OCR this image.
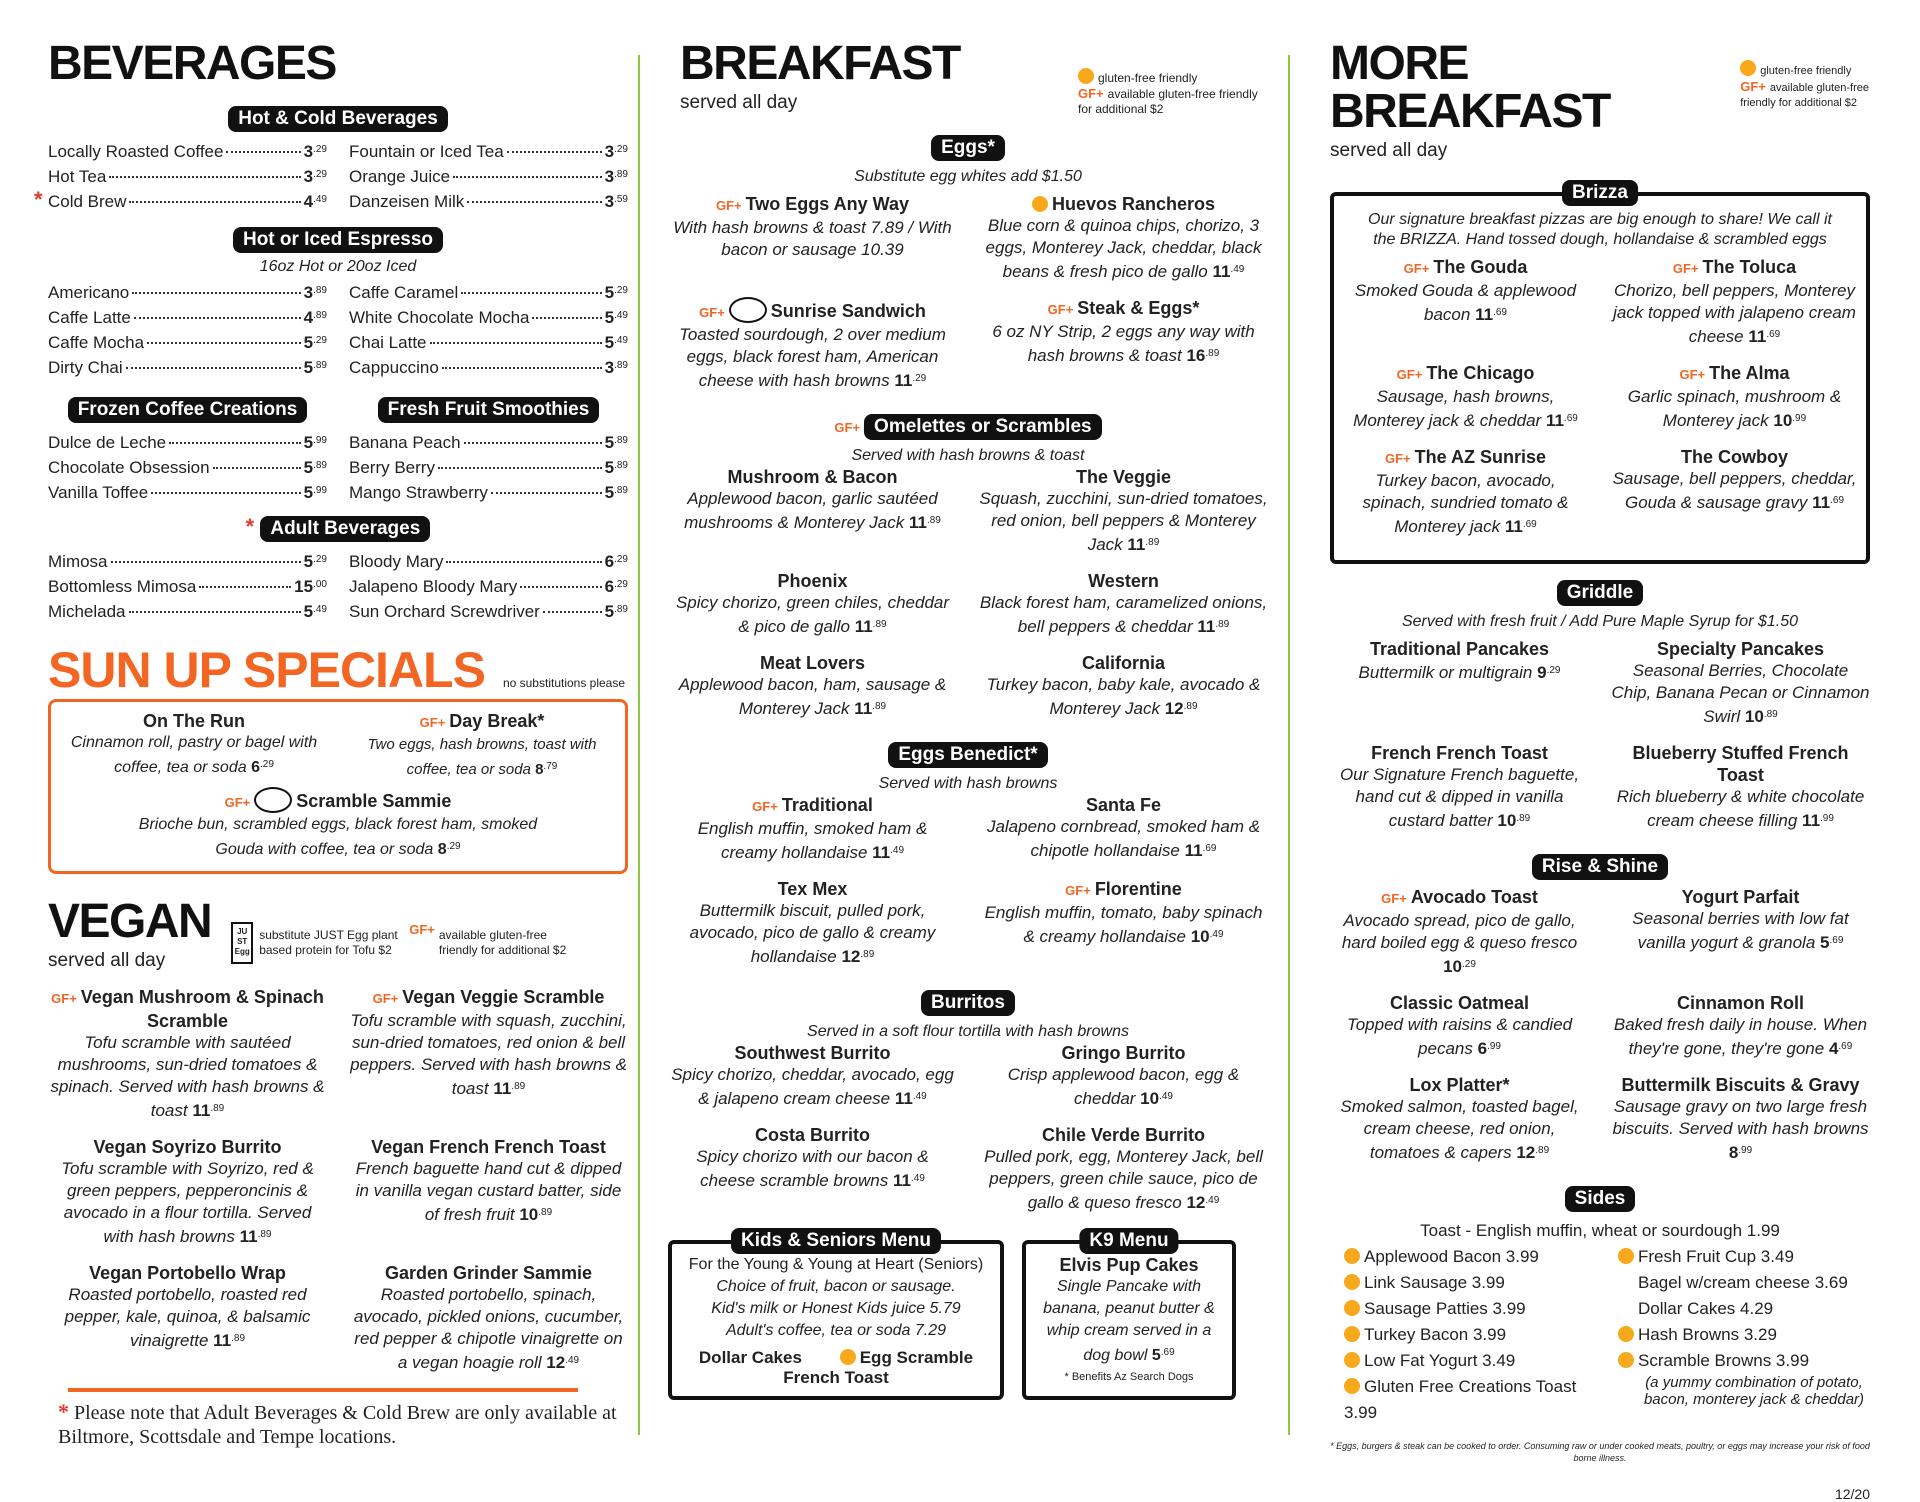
BEVERAGES
Hot & Cold Beverages
Locally Roasted Coffee	$3^{.29}$
Hot Tea	$3^{.29}$
* Cold Brew	$4^{.49}$
Fountain or Iced Tea	$3^{.29}$
Orange Juice	$3^{.89}$
Danzeisen Milk	$3^{.59}$
Hot or Iced Espresso
16oz Hot or 20oz Iced
Americano	$3^{.89}$
Caffe Latte	$4^{.89}$
Caffe Mocha	$5^{.29}$
Dirty Chai	$5^{.89}$
Caffe Caramel	$5^{.29}$
White Chocolate Mocha	$5^{.49}$
Chai Latte	$5^{.49}$
Cappuccino	$3^{.89}$
Frozen Coffee Creations
Dulce de Leche	$5^{.99}$
Chocolate Obsession	$5^{.89}$
Vanilla Toffee	$5^{.99}$
Fresh Fruit Smoothies
Banana Peach	$5^{.89}$
Berry Berry	$5^{.89}$
Mango Strawberry	$5^{.89}$
* Adult Beverages
Mimosa	$5^{.29}$
Bottomless Mimosa	$15^{.00}$
Michelada	$5^{.49}$
Bloody Mary	$6^{.29}$
Jalapeno Bloody Mary	$6^{.29}$
Sun Orchard Screwdriver	$5^{.89}$
SUN UP SPECIALS no substitutions please
On The Run
Cinnamon roll, pastry or bagel with coffee, tea or soda $6^{.29}$
GF+ Day Break*
Two eggs, hash browns, toast with coffee, tea or soda $8^{.79}$
GF+	Scramble Sammie
Brioche bun, scrambled eggs, black forest ham, smoked Gouda with coffee, tea or soda $8^{.29}$
VEGAN
served all day
JU ST Egg
substitute JUST Egg plant based protein for Tofu $2
GF+ available gluten-free friendly for additional $2
GF+ Vegan Mushroom & Spinach Scramble
Tofu scramble with sautéed mushrooms, sun-dried tomatoes & spinach. Served with hash browns & toast $11^{.89}$
GF+ Vegan Veggie Scramble
Tofu scramble with squash, zucchini, sun-dried tomatoes, red onion & bell peppers. Served with hash browns & toast $11^{.89}$
Vegan Soyrizo Burrito
Tofu scramble with Soyrizo, red & green peppers, pepperoncinis & avocado in a flour tortilla. Served with hash browns $11^{.89}$
Vegan French French Toast
French baguette hand cut & dipped in vanilla vegan custard batter, side of fresh fruit $10^{.89}$
Vegan Portobello Wrap
Roasted portobello, roasted red pepper, kale, quinoa, & balsamic vinaigrette $11^{.89}$
Garden Grinder Sammie
Roasted portobello, spinach, avocado, pickled onions, cucumber, red pepper & chipotle vinaigrette on a vegan hoagie roll $12^{.49}$
* Please note that Adult Beverages & Cold Brew are only available at Biltmore, Scottsdale and Tempe locations.
BREAKFAST
served all day
gluten-free friendly
GF+ available gluten-free friendly for additional $2
Eggs*
Substitute egg whites add $1.50
GF+ Two Eggs Any Way
With hash browns & toast 7.89 / With bacon or sausage 10.39
Huevos Rancheros
Blue corn & quinoa chips, chorizo, 3 eggs, Monterey Jack, cheddar, black beans & fresh pico de gallo $11^{.49}$
GF+	Sunrise Sandwich
Toasted sourdough, 2 over medium eggs, black forest ham, American cheese with hash browns $11^{.29}$
GF+ Steak & Eggs*
6 oz NY Strip, 2 eggs any way with hash browns & toast $16^{.89}$
GF+ Omelettes or Scrambles
Served with hash browns & toast
Mushroom & Bacon
Applewood bacon, garlic sautéed mushrooms & Monterey Jack $11^{.89}$
The Veggie
Squash, zucchini, sun-dried tomatoes, red onion, bell peppers & Monterey Jack $11^{.89}$
Phoenix
Spicy chorizo, green chiles, cheddar & pico de gallo $11^{.89}$
Western
Black forest ham, caramelized onions, bell peppers & cheddar $11^{.89}$
Meat Lovers
Applewood bacon, ham, sausage & Monterey Jack $11^{.89}$
California
Turkey bacon, baby kale, avocado & Monterey Jack $12^{.89}$
Eggs Benedict*
Served with hash browns
GF+ Traditional
English muffin, smoked ham & creamy hollandaise $11^{.49}$
Santa Fe
Jalapeno cornbread, smoked ham & chipotle hollandaise $11^{.69}$
Tex Mex
Buttermilk biscuit, pulled pork, avocado, pico de gallo & creamy hollandaise $12^{.89}$
GF+ Florentine
English muffin, tomato, baby spinach & creamy hollandaise $10^{.49}$
Burritos
Served in a soft flour tortilla with hash browns
Southwest Burrito
Spicy chorizo, cheddar, avocado, egg & jalapeno cream cheese $11^{.49}$
Gringo Burrito
Crisp applewood bacon, egg & cheddar $10^{.49}$
Costa Burrito
Spicy chorizo with our bacon & cheese scramble browns $11^{.49}$
Chile Verde Burrito
Pulled pork, egg, Monterey Jack, bell peppers, green chile sauce, pico de gallo & queso fresco $12^{.49}$
Kids & Seniors Menu
For the Young & Young at Heart (Seniors)
Choice of fruit, bacon or sausage.
Kid's milk or Honest Kids juice 5.79
Adult's coffee, tea or soda 7.29
Dollar Cakes	Egg Scramble
French Toast
K9 Menu
Elvis Pup Cakes
Single Pancake with banana, peanut butter & whip cream served in a dog bowl $5^{.69}$
* Benefits Az Search Dogs
MORE BREAKFAST
served all day
gluten-free friendly
GF+ available gluten-free friendly for additional $2
Brizza
Our signature breakfast pizzas are big enough to share! We call it the BRIZZA. Hand tossed dough, hollandaise & scrambled eggs
GF+ The Gouda
Smoked Gouda & applewood bacon $11^{.69}$
GF+ The Toluca
Chorizo, bell peppers, Monterey jack topped with jalapeno cream cheese $11^{.69}$
GF+ The Chicago
Sausage, hash browns, Monterey jack & cheddar $11^{.69}$
GF+ The Alma
Garlic spinach, mushroom & Monterey jack $10^{.99}$
GF+ The AZ Sunrise
Turkey bacon, avocado, spinach, sundried tomato & Monterey jack $11^{.69}$
The Cowboy
Sausage, bell peppers, cheddar, Gouda & sausage gravy $11^{.69}$
Griddle
Served with fresh fruit / Add Pure Maple Syrup for $1.50
Traditional Pancakes
Buttermilk or multigrain $9^{.29}$
Specialty Pancakes
Seasonal Berries, Chocolate Chip, Banana Pecan or Cinnamon Swirl $10^{.89}$
French French Toast
Our Signature French baguette, hand cut & dipped in vanilla custard batter $10^{.89}$
Blueberry Stuffed French Toast
Rich blueberry & white chocolate cream cheese filling $11^{.99}$
Rise & Shine
GF+ Avocado Toast
Avocado spread, pico de gallo, hard boiled egg & queso fresco $10^{.29}$
Yogurt Parfait
Seasonal berries with low fat vanilla yogurt & granola $5^{.69}$
Classic Oatmeal
Topped with raisins & candied pecans $6^{.99}$
Cinnamon Roll
Baked fresh daily in house. When they're gone, they're gone $4^{.69}$
Lox Platter*
Smoked salmon, toasted bagel, cream cheese, red onion, tomatoes & capers $12^{.89}$
Buttermilk Biscuits & Gravy
Sausage gravy on two large fresh biscuits. Served with hash browns $8^{.99}$
Sides
Toast - English muffin, wheat or sourdough 1.99
Applewood Bacon 3.99
Link Sausage 3.99
Sausage Patties 3.99
Turkey Bacon 3.99
Low Fat Yogurt 3.49
Gluten Free Creations Toast 3.99
Fresh Fruit Cup 3.49
Bagel w/cream cheese 3.69
Dollar Cakes 4.29
Hash Browns 3.29
Scramble Browns 3.99
(a yummy combination of potato, bacon, monterey jack & cheddar)
* Eggs, burgers & steak can be cooked to order. Consuming raw or under cooked meats, poultry, or eggs may increase your risk of food borne illness.
12/20
